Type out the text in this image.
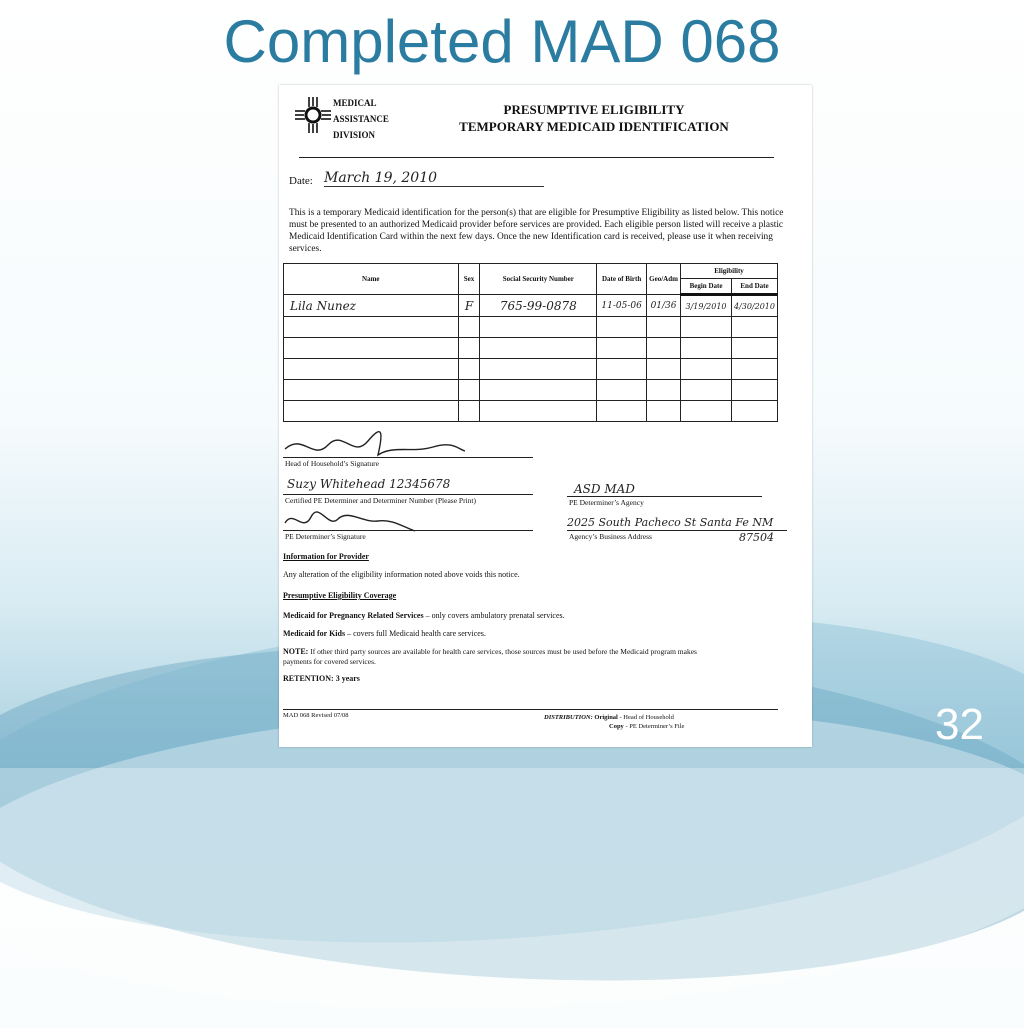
Completed MAD 068
MEDICAL
ASSISTANCE
DIVISION
PRESUMPTIVE ELIGIBILITY
TEMPORARY MEDICAID IDENTIFICATION
Date: March 19, 2010
This is a temporary Medicaid identification for the person(s) that are eligible for Presumptive Eligibility as listed below. This notice must be presented to an authorized Medicaid provider before services are provided. Each eligible person listed will receive a plastic Medicaid Identification Card within the next few days. Once the new Identification card is received, please use it when receiving services.
Name	Sex	Social Security Number	Date of Birth	Geo/Adm	Eligibility	
					Begin Date	End Date
Lila Nunez	F	765-99-0878	11-05-06	01/36	3/19/2010	4/30/2010

Head of Household’s Signature
Suzy Whitehead 12345678
Certified PE Determiner and Determiner Number (Please Print)
ASD MAD
PE Determiner’s Agency
PE Determiner’s Signature
2025 South Pacheco St Santa Fe NM
Agency’s Business Address	87504
Information for Provider
Any alteration of the eligibility information noted above voids this notice.
Presumptive Eligibility Coverage
Medicaid for Pregnancy Related Services – only covers ambulatory prenatal services.
Medicaid for Kids – covers full Medicaid health care services.
NOTE: If other third party sources are available for health care services, those sources must be used before the Medicaid program makes payments for covered services.
RETENTION: 3 years
MAD 068 Revised 07/08	DISTRIBUTION: Original - Head of Household
Copy - PE Determiner’s File	32
